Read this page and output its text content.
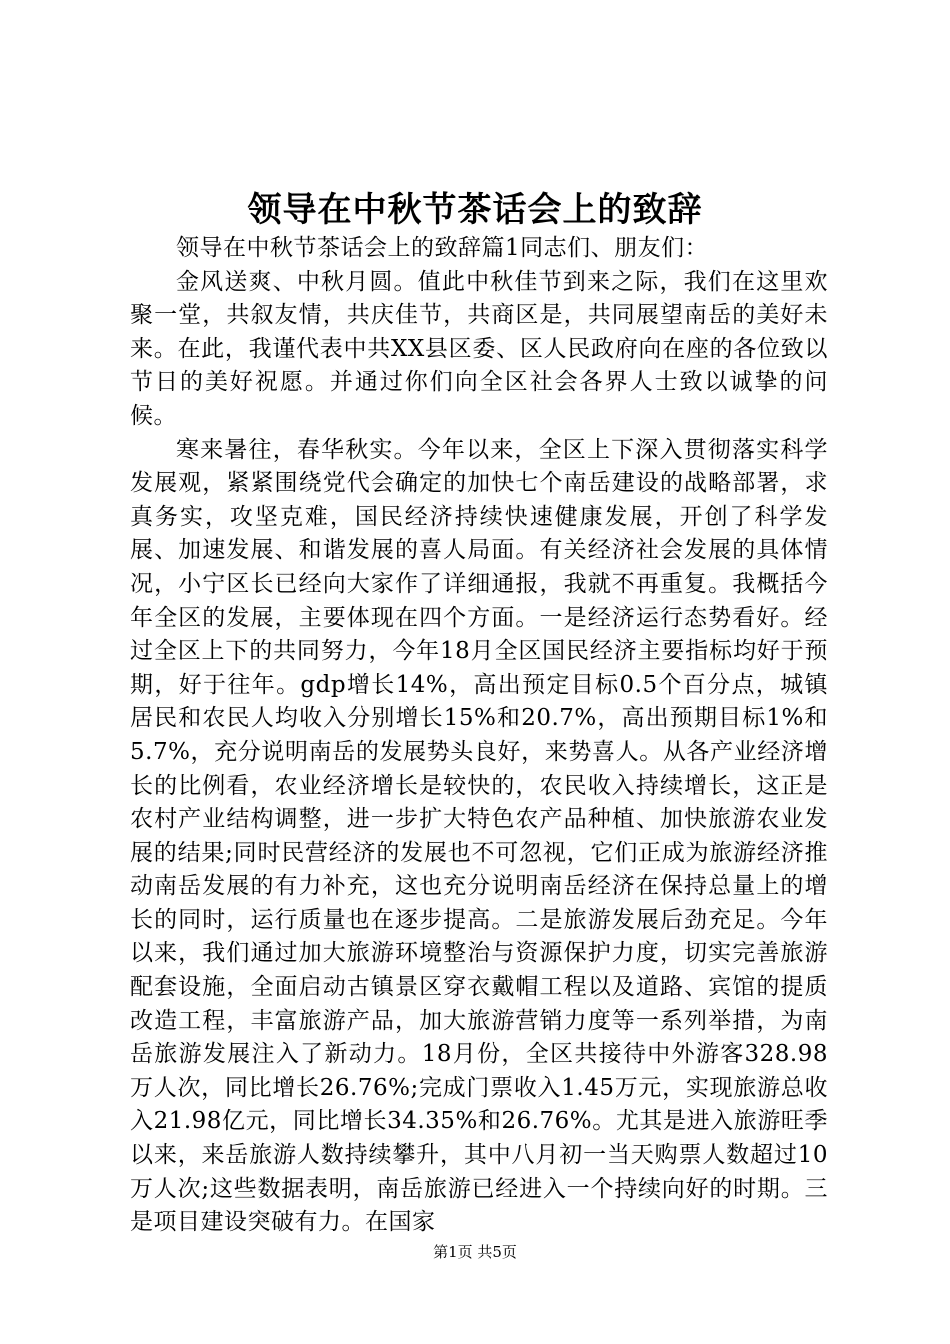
领导在中秋节茶话会上的致辞

领导在中秋节茶话会上的致辞篇1同志们、朋友们：

金风送爽、中秋月圆。值此中秋佳节到来之际，我们在这里欢聚一堂，共叙友情，共庆佳节，共商区是，共同展望南岳的美好未来。在此，我谨代表中共XX县区委、区人民政府向在座的各位致以节日的美好祝愿。并通过你们向全区社会各界人士致以诚挚的问候。

寒来暑往，春华秋实。今年以来，全区上下深入贯彻落实科学发展观，紧紧围绕党代会确定的加快七个南岳建设的战略部署，求真务实，攻坚克难，国民经济持续快速健康发展，开创了科学发展、加速发展、和谐发展的喜人局面。有关经济社会发展的具体情况，小宁区长已经向大家作了详细通报，我就不再重复。我概括今年全区的发展，主要体现在四个方面。一是经济运行态势看好。经过全区上下的共同努力，今年18月全区国民经济主要指标均好于预期，好于往年。gdp增长14%，高出预定目标0.5个百分点，城镇居民和农民人均收入分别增长15%和20.7%，高出预期目标1%和5.7%，充分说明南岳的发展势头良好，来势喜人。从各产业经济增长的比例看，农业经济增长是较快的，农民收入持续增长，这正是农村产业结构调整，进一步扩大特色农产品种植、加快旅游农业发展的结果;同时民营经济的发展也不可忽视，它们正成为旅游经济推动南岳发展的有力补充，这也充分说明南岳经济在保持总量上的增长的同时，运行质量也在逐步提高。二是旅游发展后劲充足。今年以来，我们通过加大旅游环境整治与资源保护力度，切实完善旅游配套设施，全面启动古镇景区穿衣戴帽工程以及道路、宾馆的提质改造工程，丰富旅游产品，加大旅游营销力度等一系列举措，为南岳旅游发展注入了新动力。18月份，全区共接待中外游客328.98万人次，同比增长26.76%;完成门票收入1.45万元，实现旅游总收入21.98亿元，同比增长34.35%和26.76%。尤其是进入旅游旺季以来，来岳旅游人数持续攀升，其中八月初一当天购票人数超过10万人次;这些数据表明，南岳旅游已经进入一个持续向好的时期。三是项目建设突破有力。在国家

第1页 共5页
